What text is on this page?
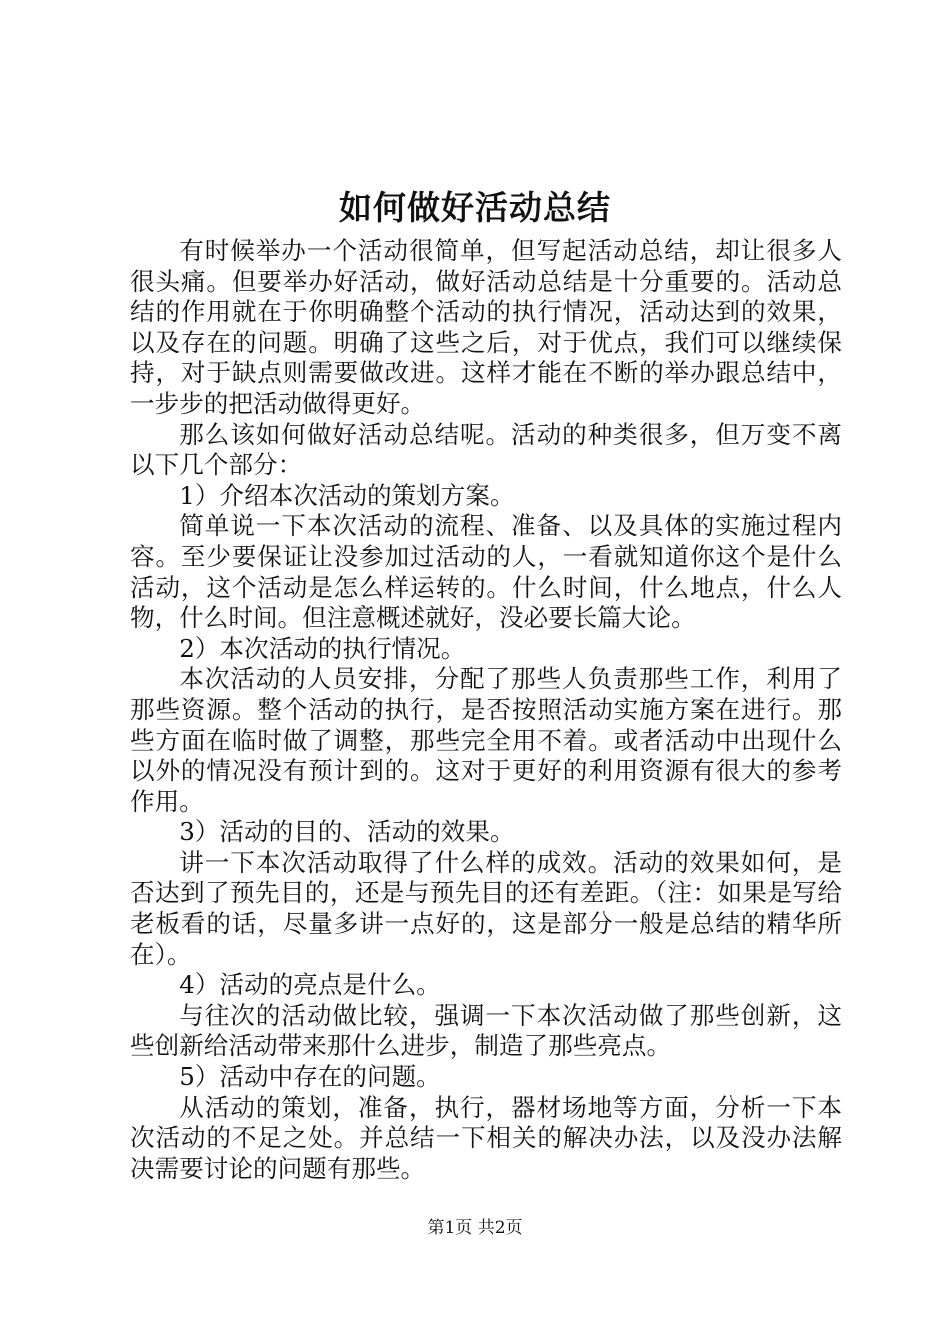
如何做好活动总结

有时候举办一个活动很简单，但写起活动总结，却让很多人很头痛。但要举办好活动，做好活动总结是十分重要的。活动总结的作用就在于你明确整个活动的执行情况，活动达到的效果，以及存在的问题。明确了这些之后，对于优点，我们可以继续保持，对于缺点则需要做改进。这样才能在不断的举办跟总结中，一步步的把活动做得更好。

那么该如何做好活动总结呢。活动的种类很多，但万变不离以下几个部分：

1）介绍本次活动的策划方案。

简单说一下本次活动的流程、准备、以及具体的实施过程内容。至少要保证让没参加过活动的人，一看就知道你这个是什么活动，这个活动是怎么样运转的。什么时间，什么地点，什么人物，什么时间。但注意概述就好，没必要长篇大论。

2）本次活动的执行情况。

本次活动的人员安排，分配了那些人负责那些工作，利用了那些资源。整个活动的执行，是否按照活动实施方案在进行。那些方面在临时做了调整，那些完全用不着。或者活动中出现什么以外的情况没有预计到的。这对于更好的利用资源有很大的参考作用。

3）活动的目的、活动的效果。

讲一下本次活动取得了什么样的成效。活动的效果如何，是否达到了预先目的，还是与预先目的还有差距。（注：如果是写给老板看的话，尽量多讲一点好的，这是部分一般是总结的精华所在）。

4）活动的亮点是什么。

与往次的活动做比较，强调一下本次活动做了那些创新，这些创新给活动带来那什么进步，制造了那些亮点。

5）活动中存在的问题。

从活动的策划，准备，执行，器材场地等方面，分析一下本次活动的不足之处。并总结一下相关的解决办法，以及没办法解决需要讨论的问题有那些。

第1页 共2页
